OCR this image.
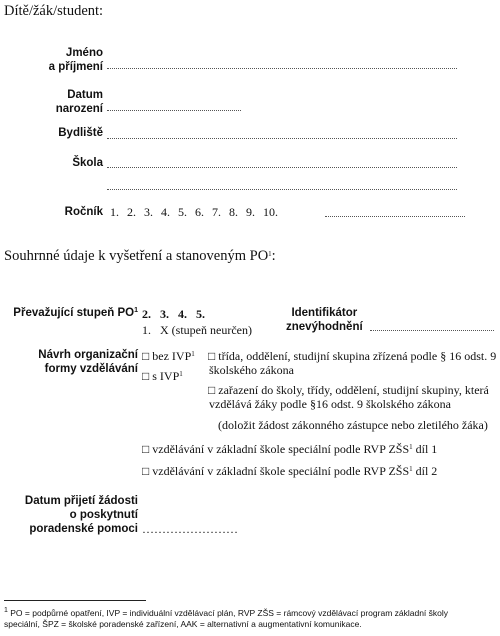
Dítě/žák/student:
Jméno
a příjmení
Datum
narození
Bydliště
Škola
Ročník 1. 2. 3. 4. 5. 6. 7. 8. 9. 10.
Souhrnné údaje k vyšetření a stanoveným $PO^1$:
Převažující stupeň $PO^1$ 2.   3.   4.   5.
1.   X (stupeň neurčen)
Identifikátor
znevýhodnění
Návrh organizační
formy vzdělávání
□ bez IVP$^1$
□ s IVP$^1$
□ třída, oddělení, studijní skupina zřízená podle § 16 odst. 9
školského zákona
□ zařazení do školy, třídy, oddělení, studijní skupiny, která
vzdělává žáky podle §16 odst. 9 školského zákona
(doložit žádost zákonného zástupce nebo zletilého žáka)
□ vzdělávání v základní škole speciální podle RVP ZŠS$^1$ díl 1
□ vzdělávání v základní škole speciální podle RVP ZŠS$^1$ díl 2
Datum přijetí žádosti
o poskytnutí
poradenské pomoci ……………………
$^1$ PO = podpůrné opatření, IVP = individuální vzdělávací plán, RVP ZŠS = rámcový vzdělávací program základní školy
speciální, ŠPZ = školské poradenské zařízení, AAK = alternativní a augmentativní komunikace.
